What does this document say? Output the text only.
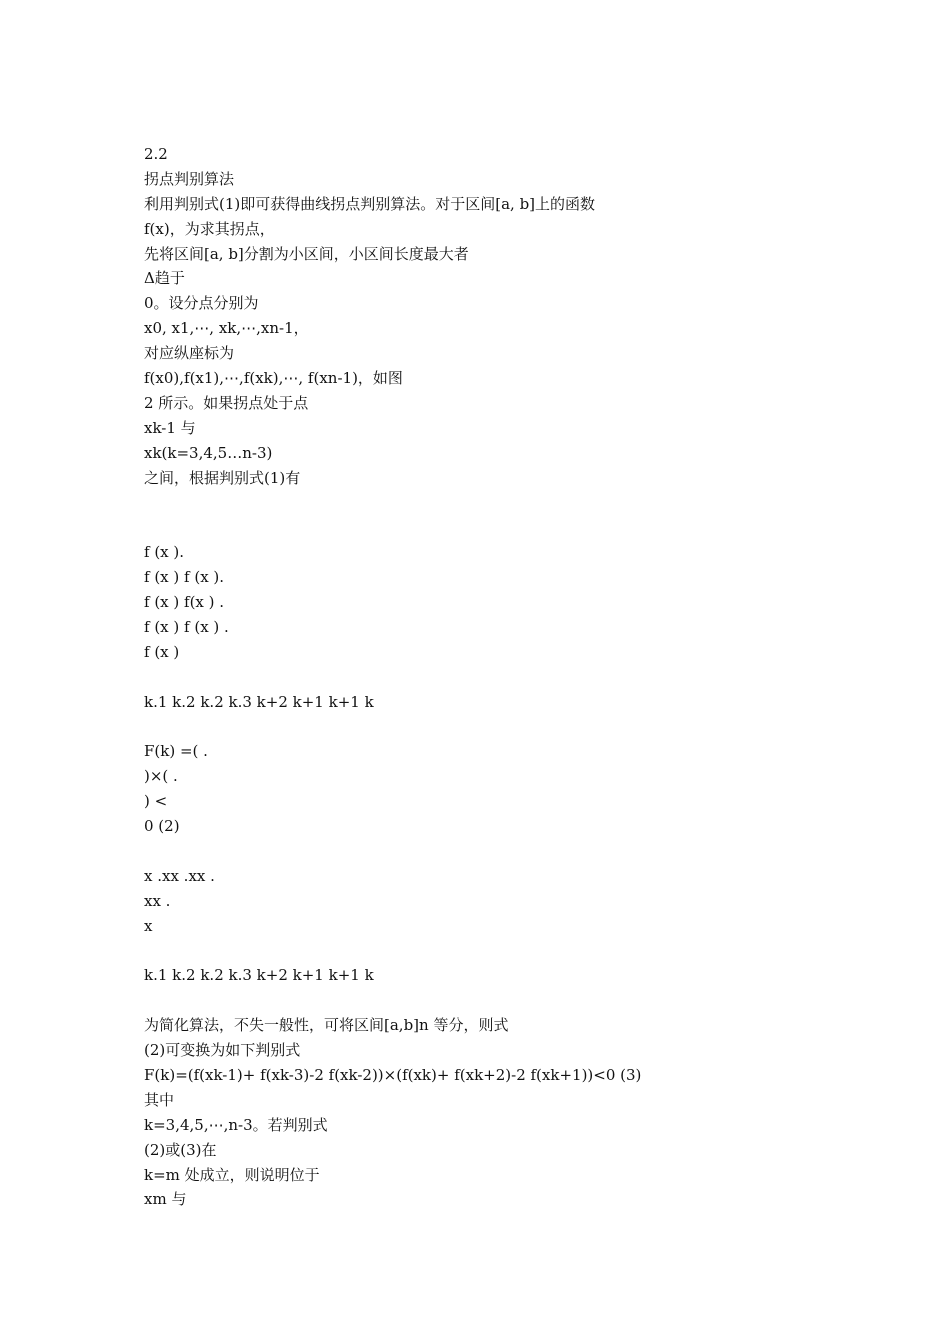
2.2
拐点判别算法
利用判别式(1)即可获得曲线拐点判别算法。对于区间[a, b]上的函数
f(x)，为求其拐点，
先将区间[a, b]分割为小区间，小区间长度最大者
Δ趋于
0。设分点分别为
x0, x1,⋯, xk,⋯,xn-1，
对应纵座标为
f(x0),f(x1),⋯,f(xk),⋯, f(xn-1)，如图
2 所示。如果拐点处于点
xk-1 与
xk(k=3,4,5…n-3)
之间，根据判别式(1)有
f (x ).
f (x ) f (x ).
f (x ) f(x ) .
f (x ) f (x ) .
f (x )
k.1 k.2 k.2 k.3 k+2 k+1 k+1 k
F(k) =( .
)×( .
) <
0 (2)
x .xx .xx .
xx .
x
k.1 k.2 k.2 k.3 k+2 k+1 k+1 k
为简化算法，不失一般性，可将区间[a,b]n 等分，则式
(2)可变换为如下判别式
F(k)=(f(xk-1)+ f(xk-3)-2 f(xk-2))×(f(xk)+ f(xk+2)-2 f(xk+1))<0 (3)
其中
k=3,4,5,⋯,n-3。若判别式
(2)或(3)在
k=m 处成立，则说明位于
xm 与
